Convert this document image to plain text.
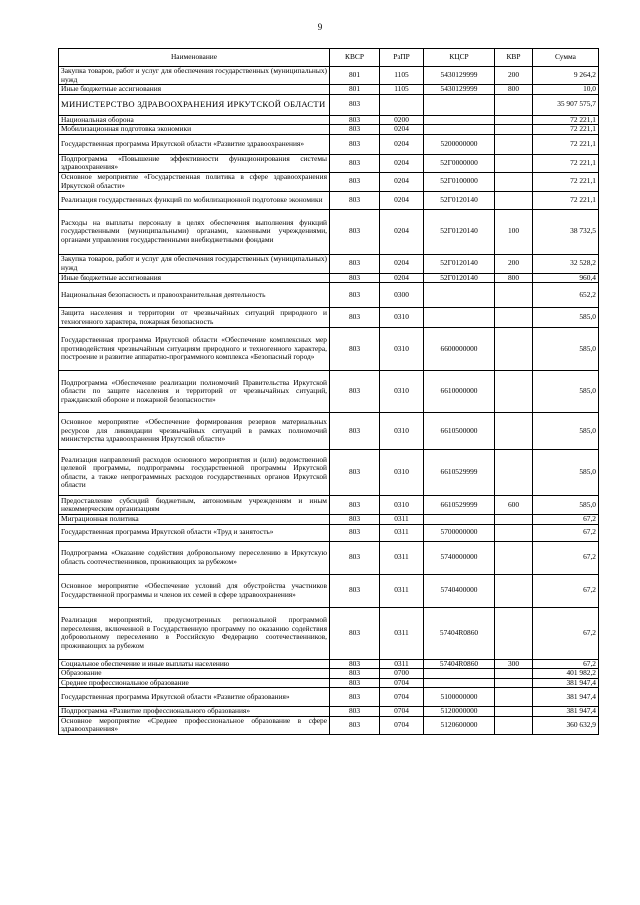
9
Наименование	КВСР	РзПР	КЦСР	КВР	Сумма
Закупка товаров, работ и услуг для обеспечения государственных (муниципальных) нужд	801	1105	5430129999	200	9 264,2
Иные бюджетные ассигнования	801	1105	5430129999	800	10,0
МИНИСТЕРСТВО ЗДРАВООХРАНЕНИЯ ИРКУТСКОЙ ОБЛАСТИ	803				35 907 575,7
Национальная оборона	803	0200			72 221,1
Мобилизационная подготовка экономики	803	0204			72 221,1
Государственная программа Иркутской области «Развитие здравоохранения»	803	0204	5200000000		72 221,1
Подпрограмма «Повышение эффективности функционирования системы здравоохранения»	803	0204	52Г0000000		72 221,1
Основное мероприятие «Государственная политика в сфере здравоохранения Иркутской области»	803	0204	52Г0100000		72 221,1
Реализация государственных функций по мобилизационной подготовке экономики	803	0204	52Г0120140		72 221,1
Расходы на выплаты персоналу в целях обеспечения выполнения функций государственными (муниципальными) органами, казенными учреждениями, органами управления государственными внебюджетными фондами	803	0204	52Г0120140	100	38 732,5
Закупка товаров, работ и услуг для обеспечения государственных (муниципальных) нужд	803	0204	52Г0120140	200	32 528,2
Иные бюджетные ассигнования	803	0204	52Г0120140	800	960,4
Национальная безопасность и правоохранительная деятельность	803	0300			652,2
Защита населения и территории от чрезвычайных ситуаций природного и техногенного характера, пожарная безопасность	803	0310			585,0
Государственная программа Иркутской области «Обеспечение комплексных мер противодействия чрезвычайным ситуациям природного и техногенного характера, построение и развитие аппаратно-программного комплекса «Безопасный город»	803	0310	6600000000		585,0
Подпрограмма «Обеспечение реализации полномочий Правительства Иркутской области по защите населения и территорий от чрезвычайных ситуаций, гражданской обороне и пожарной безопасности»	803	0310	6610000000		585,0
Основное мероприятие «Обеспечение формирования резервов материальных ресурсов для ликвидации чрезвычайных ситуаций в рамках полномочий министерства здравоохранения Иркутской области»	803	0310	6610500000		585,0
Реализация направлений расходов основного мероприятия и (или) ведомственной целевой программы, подпрограммы государственной программы Иркутской области, а также непрограммных расходов государственных органов Иркутской области	803	0310	6610529999		585,0
Предоставление субсидий бюджетным, автономным учреждениям и иным некоммерческим организациям	803	0310	6610529999	600	585,0
Миграционная политика	803	0311			67,2
Государственная программа Иркутской области «Труд и занятость»	803	0311	5700000000		67,2
Подпрограмма «Оказание содействия добровольному переселению в Иркутскую область соотечественников, проживающих за рубежом»	803	0311	5740000000		67,2
Основное мероприятие «Обеспечение условий для обустройства участников Государственной программы и членов их семей в сфере здравоохранения»	803	0311	5740400000		67,2
Реализация мероприятий, предусмотренных региональной программой переселения, включенной в Государственную программу по оказанию содействия добровольному переселению в Российскую Федерацию соотечественников, проживающих за рубежом	803	0311	57404R0860		67,2
Социальное обеспечение и иные выплаты населению	803	0311	57404R0860	300	67,2
Образование	803	0700			401 982,2
Среднее профессиональное образование	803	0704			381 947,4
Государственная программа Иркутской области «Развитие образования»	803	0704	5100000000		381 947,4
Подпрограмма «Развитие профессионального образования»	803	0704	5120000000		381 947,4
Основное мероприятие «Среднее профессиональное образование в сфере здравоохранения»	803	0704	5120600000		360 632,9
